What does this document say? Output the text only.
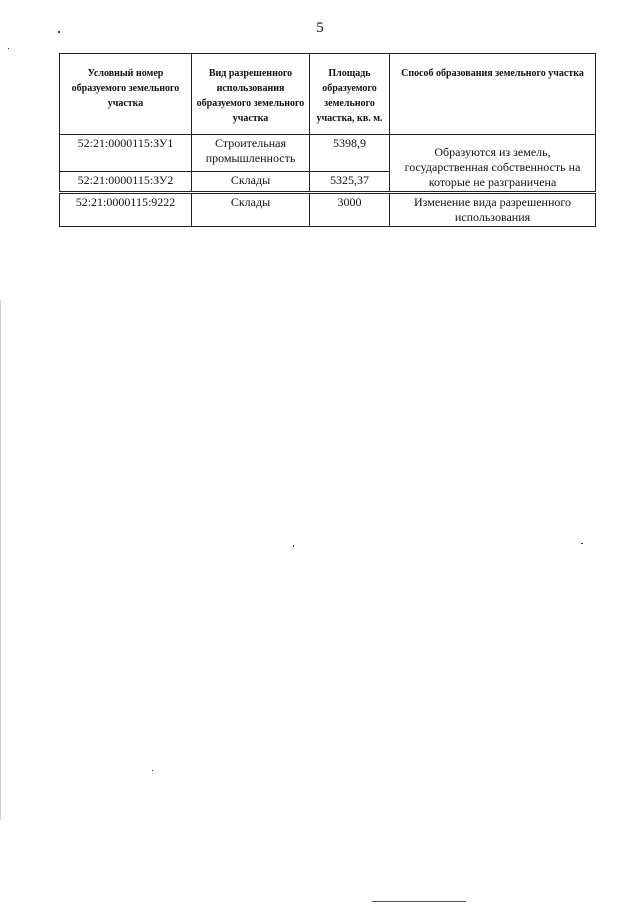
5
Условный номер образуемого земельного участка	Вид разрешенного использования образуемого земельного участка	Площадь образуемого земельного участка, кв. м.	Способ образования земельного участка
52:21:0000115:ЗУ1	Строительная промышленность	5398,9	Образуются из земель, государственная собственность на которые не разграничена
52:21:0000115:ЗУ2	Склады	5325,37	
52:21:0000115:9222	Склады	3000	Изменение вида разрешенного использования
